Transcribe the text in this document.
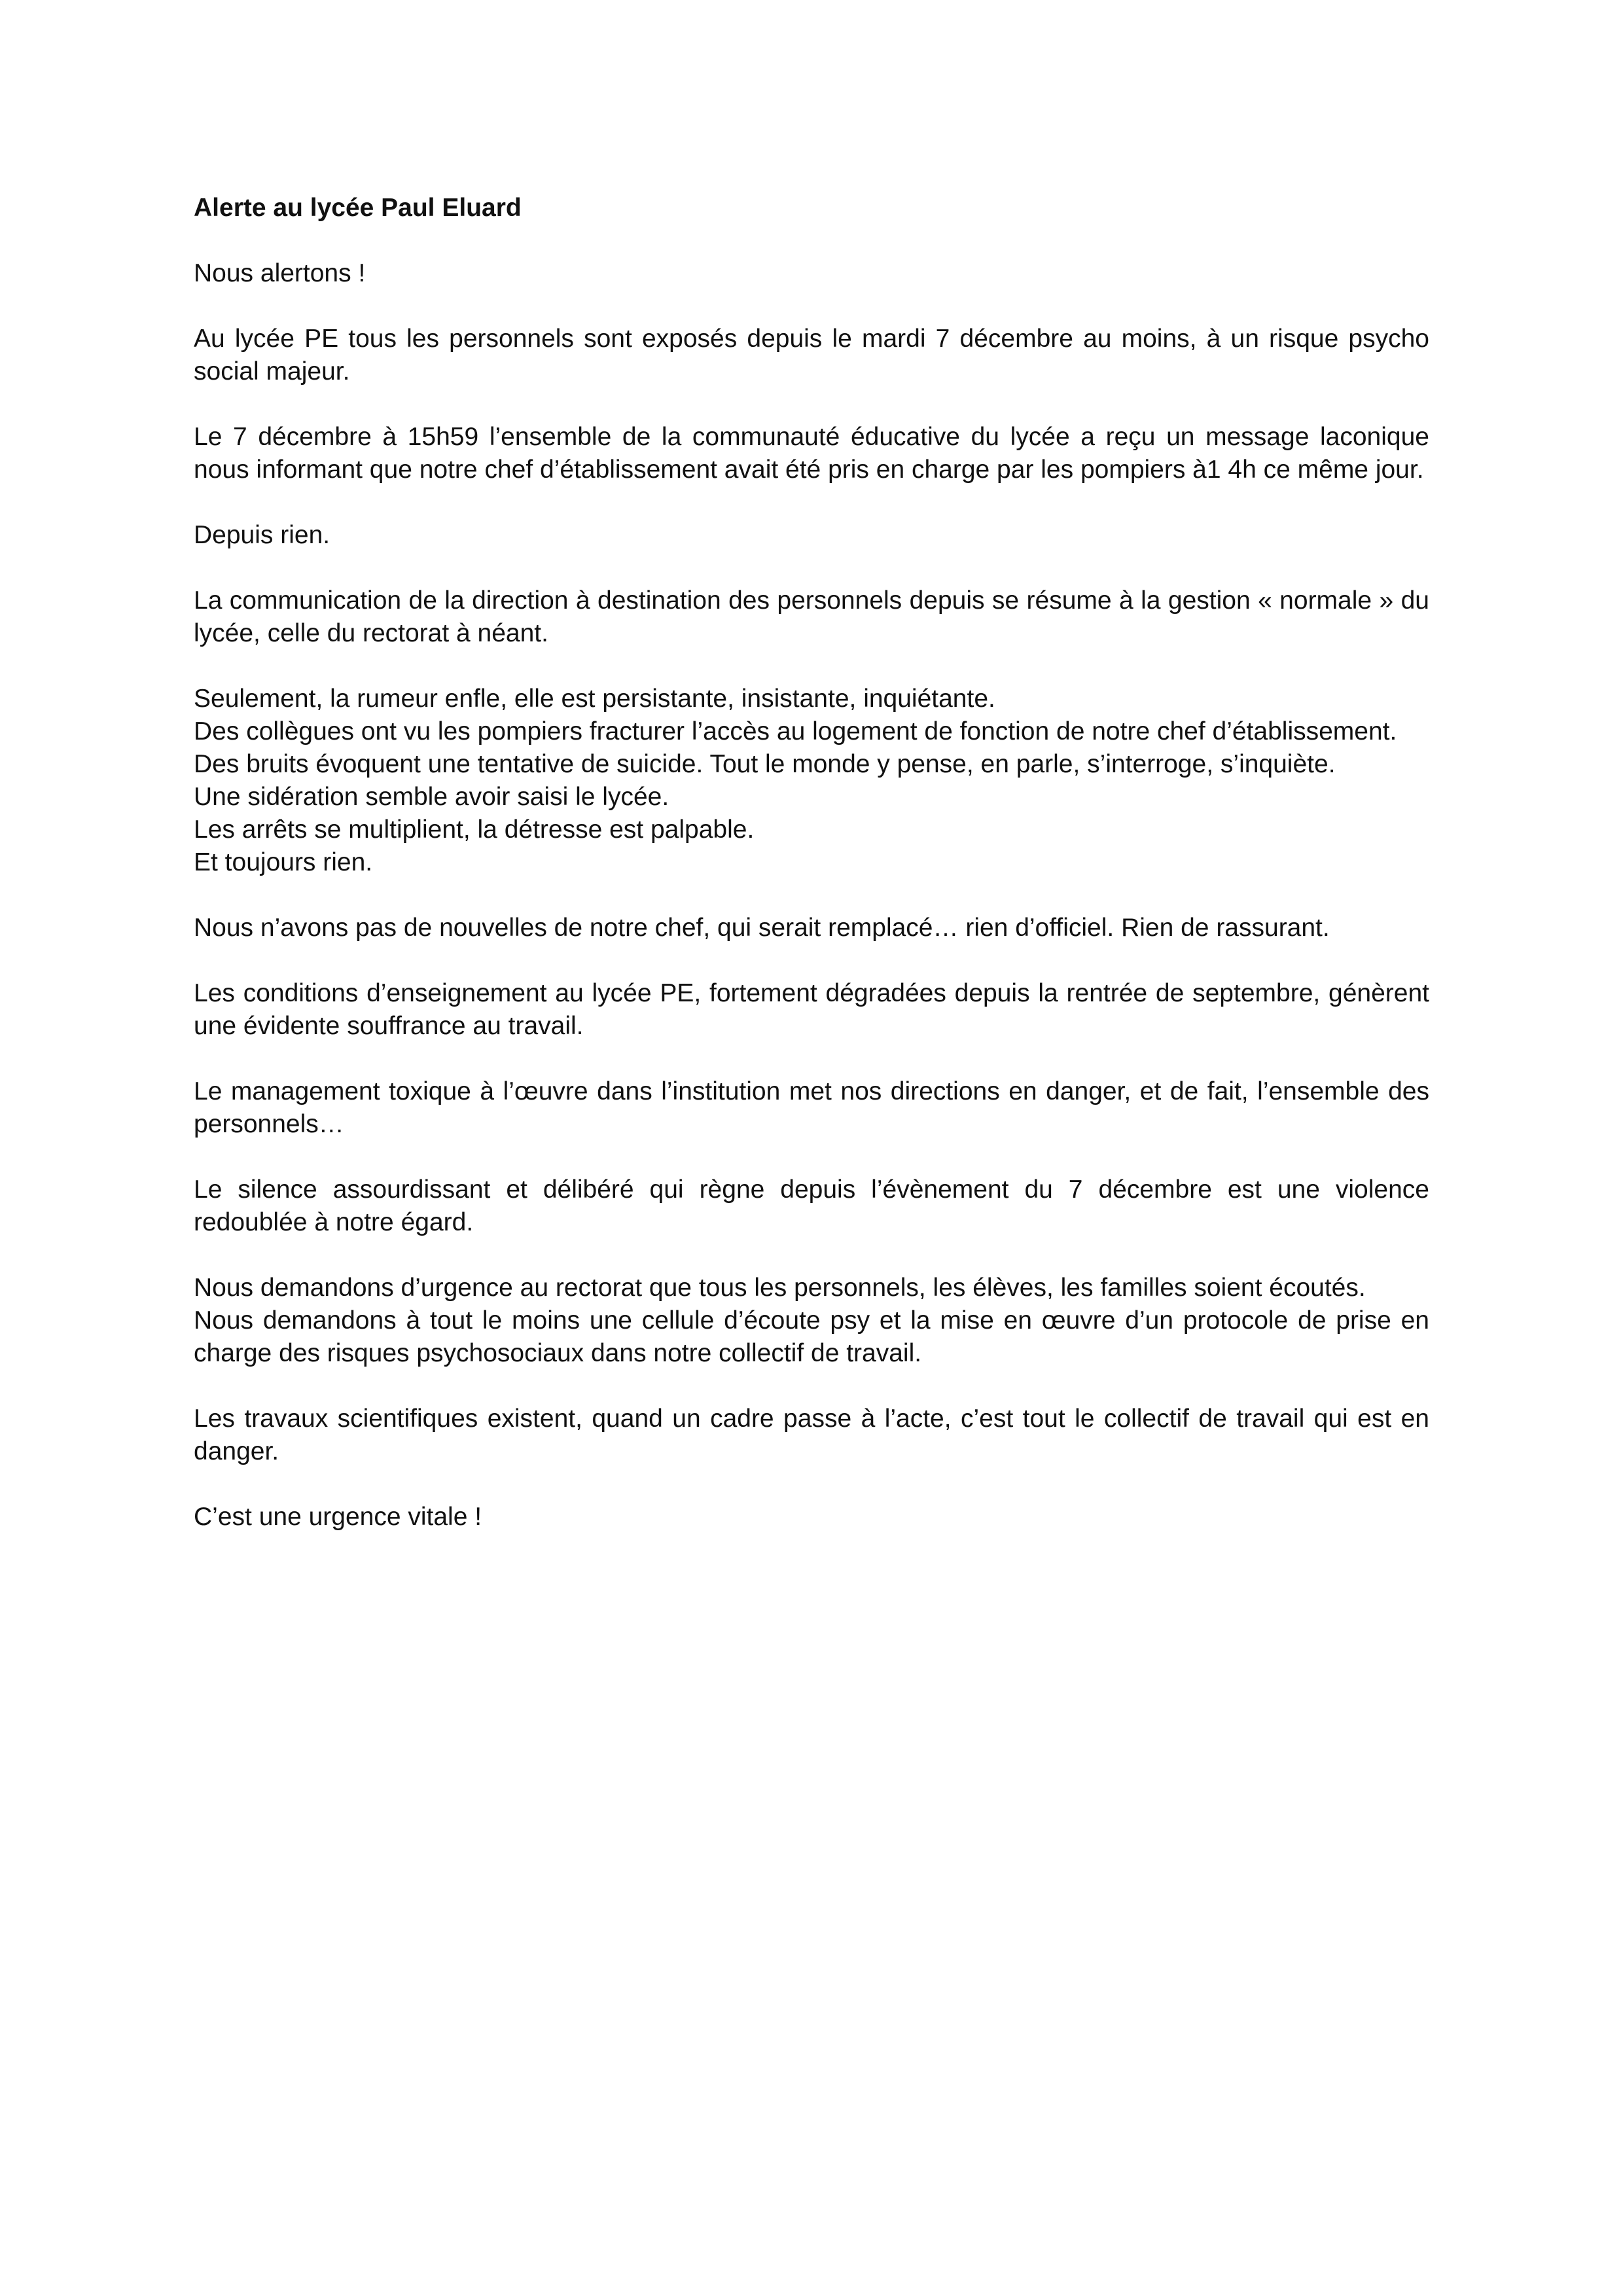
Alerte au lycée Paul Eluard

Nous alertons !

Au lycée PE tous les personnels sont exposés depuis le mardi 7 décembre au moins, à un risque psycho social majeur.

Le 7 décembre à 15h59 l’ensemble de la communauté éducative du lycée a reçu un message laconique nous informant que notre chef d’établissement avait été pris en charge par les pompiers à1 4h ce même jour.

Depuis rien.

La communication de la direction à destination des personnels depuis se résume à la gestion « normale » du lycée, celle du rectorat à néant.

Seulement, la rumeur enfle, elle est persistante, insistante, inquiétante.
Des collègues ont vu les pompiers fracturer l’accès au logement de fonction de notre chef d’établissement.
Des bruits évoquent une tentative de suicide. Tout le monde y pense, en parle, s’interroge, s’inquiète.
Une sidération semble avoir saisi le lycée.
Les arrêts se multiplient, la détresse est palpable.
Et toujours rien.

Nous n’avons pas de nouvelles de notre chef, qui serait remplacé… rien d’officiel. Rien de rassurant.

Les conditions d’enseignement au lycée PE, fortement dégradées depuis la rentrée de septembre, génèrent une évidente souffrance au travail.

Le management toxique à l’œuvre dans l’institution met nos directions en danger, et de fait, l’ensemble des personnels…

Le silence assourdissant et délibéré qui règne depuis l’évènement du 7 décembre est une violence redoublée à notre égard.

Nous demandons d’urgence au rectorat que tous les personnels, les élèves, les familles soient écoutés.
Nous demandons à tout le moins une cellule d’écoute psy et la mise en œuvre d’un protocole de prise en charge des risques psychosociaux dans notre collectif de travail.

Les travaux scientifiques existent, quand un cadre passe à l’acte, c’est tout le collectif de travail qui est en danger.

C’est une urgence vitale !
